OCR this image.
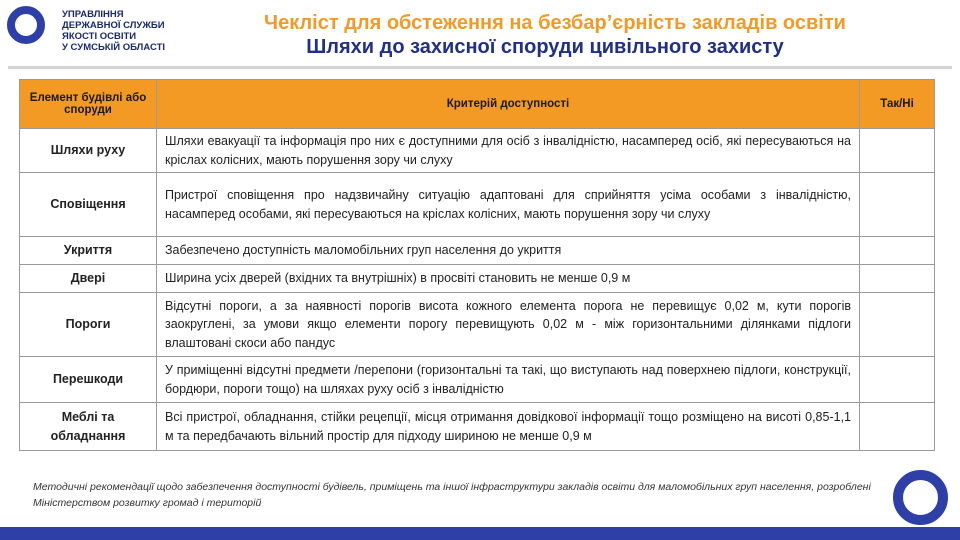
УПРАВЛІННЯ
ДЕРЖАВНОЇ СЛУЖБИ
ЯКОСТІ ОСВІТИ
У СУМСЬКІЙ ОБЛАСТІ
Чекліст для обстеження на безбар’єрність закладів освіти
Шляхи до захисної споруди цивільного захисту
Елемент будівлі або споруди	Критерій доступності	Так/Ні
Шляхи руху	Шляхи евакуації та інформація про них є доступними для осіб з інвалідністю, насамперед осіб, які пересуваються на кріслах колісних, мають порушення зору чи слуху	
Сповіщення	Пристрої сповіщення про надзвичайну ситуацію адаптовані для сприйняття усіма особами з інвалідністю, насамперед особами, які пересуваються на кріслах колісних, мають порушення зору чи слуху	
Укриття	Забезпечено доступність маломобільних груп населення до укриття	
Двері	Ширина усіх дверей (вхідних та внутрішніх) в просвіті становить не менше 0,9 м	
Пороги	Відсутні пороги, а за наявності порогів висота кожного елемента порога не перевищує 0,02 м, кути порогів заокруглені, за умови якщо елементи порогу перевищують 0,02 м - між горизонтальними ділянками підлоги влаштовані скоси або пандус	
Перешкоди	У приміщенні відсутні предмети /перепони (горизонтальні та такі, що виступають над поверхнею підлоги, конструкції, бордюри, пороги тощо) на шляхах руху осіб з інвалідністю	
Меблі та обладнання	Всі пристрої, обладнання, стійки рецепції, місця отримання довідкової інформації тощо розміщено на висоті 0,85-1,1 м та передбачають вільний простір для підходу шириною не менше 0,9 м	
Методичні рекомендації щодо забезпечення доступності будівель, приміщень та іншої інфраструктури закладів освіти для маломобільних груп населення, розроблені Міністерством розвитку громад і територій
